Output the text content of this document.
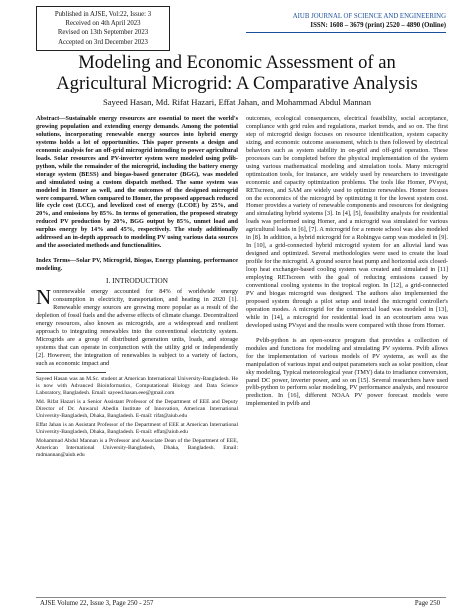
Published in AJSE, Vol:22, Issue: 3
Received on 4th April 2023
Revised on 13th September 2023
Accepted on 3rd December 2023
AIUB JOURNAL OF SCIENCE AND ENGINEERING
ISSN: 1608 – 3679 (print) 2520 – 4890 (Online)
Modeling and Economic Assessment of an
Agricultural Microgrid: A Comparative Analysis
Sayeed Hasan, Md. Rifat Hazari, Effat Jahan, and Mohammad Abdul Mannan

Abstract—Sustainable energy resources are essential to meet the world's growing population and extending energy demands. Among the potential solutions, incorporating renewable energy sources into hybrid energy systems holds a lot of opportunities. This paper presents a design and economic analysis for an off-grid microgrid intending to power agricultural loads. Solar resources and PV-inverter system were modeled using pvlib-python, while the remainder of the microgrid, including the battery energy storage system (BESS) and biogas-based generator (BGG), was modeled and simulated using a custom dispatch method. The same system was modeled in Homer as well, and the outcomes of the designed microgrid were compared. When compared to Homer, the proposed approach reduced life cycle cost (LCC), and levelized cost of energy (LCOE) by 25%, and 20%, and emissions by 85%. In terms of generation, the proposed strategy reduced PV production by 20%, BGG output by 85%, unmet load and surplus energy by 14% and 45%, respectively. The study additionally addressed an in-depth approach to modeling PV using various data sources and the associated methods and functionalities.

Index Terms—Solar PV, Microgrid, Biogas, Energy planning, performance modeling.

I. INTRODUCTION

Nonrenewable energy accounted for 84% of worldwide energy consumption in electricity, transportation, and heating in 2020 [1]. Renewable energy sources are growing more popular as a result of the depletion of fossil fuels and the adverse effects of climate change. Decentralized energy resources, also known as microgrids, are a widespread and resilient approach to integrating renewables into the conventional electricity system. Microgrids are a group of distributed generation units, loads, and storage systems that can operate in conjunction with the utility grid or independently [2]. However, the integration of renewables is subject to a variety of factors, such as economic impact and

Sayeed Hasan was an M.Sc. student at American International University-Bangladesh. He is now with Advanced Bioinformatics, Computational Biology and Data Science Laboratory, Bangladesh. Email: sayeed.hasan.eee@gmail.com

Md. Rifat Hazari is a Senior Assistant Professor of the Department of EEE and Deputy Director of Dr. Anwarul Abedin Institute of Innovation, American International University-Bangladesh, Dhaka, Bangladesh. E-mail: rifat@aiub.edu

Effat Jahan is an Assistant Professor of the Department of EEE at American International University-Bangladesh, Dhaka, Bangladesh. E-mail: effat@aiub.edu

Mohammad Abdul Mannan is a Professor and Associate Dean of the Department of EEE, American International University-Bangladesh, Dhaka, Bangladesh. Email: mdmannan@aiub.edu

outcomes, ecological consequences, electrical feasibility, social acceptance, compliance with grid rules and regulations, market trends, and so on. The first step of microgrid design focuses on resource identification, system capacity sizing, and economic outcome assessment, which is then followed by electrical behaviors such as system stability in on-grid and off-grid operation. These processes can be completed before the physical implementation of the system using various mathematical modeling and simulation tools. Many microgrid optimization tools, for instance, are widely used by researchers to investigate economic and capacity optimization problems. The tools like Homer, PVsyst, RETscreen, and SAM are widely used to optimize renewables. Homer focuses on the economics of the microgrid by optimizing it for the lowest system cost. Homer provides a variety of renewable components and resources for designing and simulating hybrid systems [3]. In [4], [5], feasibility analysis for residential loads was performed using Homer, and a microgrid was simulated for various agricultural loads in [6], [7]. A microgrid for a remote school was also modeled in [8]. In addition, a hybrid microgrid for a Rohingya camp was modeled in [9]. In [10], a grid-connected hybrid microgrid system for an alluvial land was designed and optimized. Several methodologies were used to create the load profile for the microgrid. A ground source heat pump and horizontal axis closed-loop heat exchanger-based cooling system was created and simulated in [11] employing RETscreen with the goal of reducing emissions caused by conventional cooling systems in the tropical region. In [12], a grid-connected PV and biogas microgrid was designed. The authors also implemented the proposed system through a pilot setup and tested the microgrid controller's operation modes. A microgrid for the commercial load was modeled in [13], while in [14], a microgrid for residential load in an ecotourism area was developed using PVsyst and the results were compared with those from Homer.

Pvlib-python is an open-source program that provides a collection of modules and functions for modeling and simulating PV systems. Pvlib allows for the implementation of various models of PV systems, as well as the manipulation of various input and output parameters such as solar position, clear sky modeling, Typical meteorological year (TMY) data to irradiance conversion, panel DC power, inverter power, and so on [15]. Several researchers have used pvlib-python to perform solar modeling, PV performance analysis, and resource prediction. In [16], different NOAA PV power forecast models were implemented in pvlib and

AJSE Volume 22, Issue 3, Page 250 - 257	Page 250
